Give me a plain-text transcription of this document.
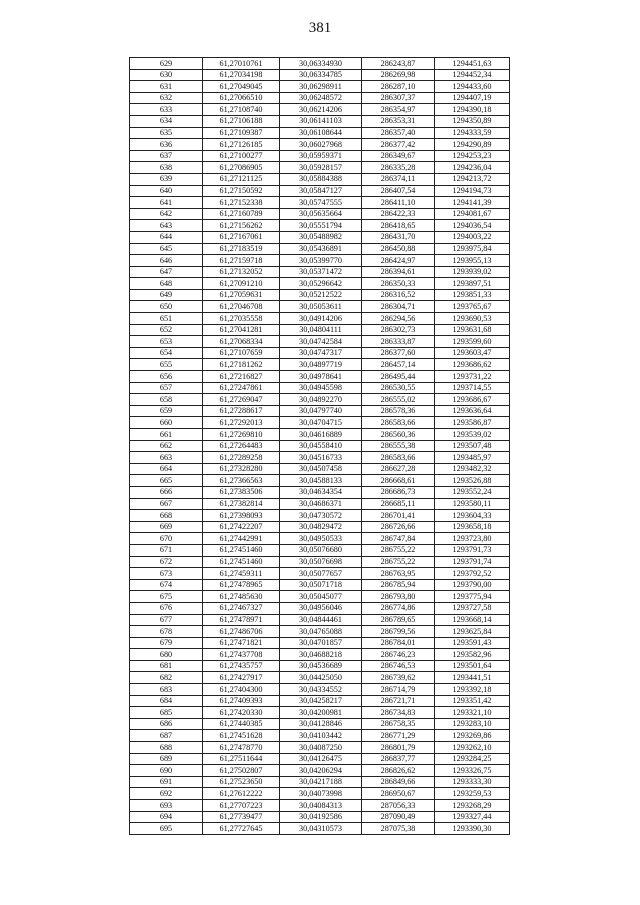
381
629	61,27010761	30,06334930	286243,87	1294451,63
630	61,27034198	30,06334785	286269,98	1294452,34
631	61,27049045	30,06298911	286287,10	1294433,60
632	61,27066510	30,06248572	286307,37	1294407,19
633	61,27108740	30,06214206	286354,97	1294390,18
634	61,27106188	30,06141103	286353,31	1294350,89
635	61,27109387	30,06108644	286357,40	1294333,59
636	61,27126185	30,06027968	286377,42	1294290,89
637	61,27100277	30,05959371	286349,67	1294253,23
638	61,27086905	30,05928157	286335,28	1294236,04
639	61,27121125	30,05884388	286374,11	1294213,72
640	61,27150592	30,05847127	286407,54	1294194,73
641	61,27152338	30,05747555	286411,10	1294141,39
642	61,27160789	30,05635664	286422,33	1294081,67
643	61,27156262	30,05551794	286418,65	1294036,54
644	61,27167061	30,05488982	286431,70	1294003,22
645	61,27183519	30,05436891	286450,88	1293975,84
646	61,27159718	30,05399770	286424,97	1293955,13
647	61,27132052	30,05371472	286394,61	1293939,02
648	61,27091210	30,05296642	286350,33	1293897,51
649	61,27059631	30,05212522	286316,52	1293851,33
650	61,27046708	30,05053611	286304,71	1293765,67
651	61,27035558	30,04914206	286294,56	1293690,53
652	61,27041281	30,04804111	286302,73	1293631,68
653	61,27068334	30,04742584	286333,87	1293599,60
654	61,27107659	30,04747317	286377,60	1293603,47
655	61,27181262	30,04897719	286457,14	1293686,62
656	61,27216827	30,04978641	286495,44	1293731,22
657	61,27247861	30,04945598	286530,55	1293714,55
658	61,27269047	30,04892270	286555,02	1293686,67
659	61,27288617	30,04797740	286578,36	1293636,64
660	61,27292013	30,04704715	286583,66	1293586,87
661	61,27269810	30,04616889	286560,36	1293539,02
662	61,27264483	30,04558410	286555,38	1293507,48
663	61,27289258	30,04516733	286583,66	1293485,97
664	61,27328280	30,04507458	286627,28	1293482,32
665	61,27366563	30,04588133	286668,61	1293526,88
666	61,27383506	30,04634354	286686,73	1293552,24
667	61,27382814	30,04686371	286685,11	1293580,11
668	61,27398093	30,04730572	286701,41	1293604,33
669	61,27422207	30,04829472	286726,66	1293658,18
670	61,27442991	30,04950533	286747,84	1293723,80
671	61,27451460	30,05076680	286755,22	1293791,73
672	61,27451460	30,05076698	286755,22	1293791,74
673	61,27459311	30,05077657	286763,95	1293792,52
674	61,27478965	30,05071718	286785,94	1293790,00
675	61,27485630	30,05045077	286793,80	1293775,94
676	61,27467327	30,04956046	286774,86	1293727,58
677	61,27478971	30,04844461	286789,65	1293668,14
678	61,27486706	30,04765088	286799,56	1293625,84
679	61,27471821	30,04701857	286784,01	1293591,43
680	61,27437708	30,04688218	286746,23	1293582,96
681	61,27435757	30,04536689	286746,53	1293501,64
682	61,27427917	30,04425050	286739,62	1293441,51
683	61,27404300	30,04334552	286714,79	1293392,18
684	61,27409393	30,04258217	286721,71	1293351,42
685	61,27420330	30,04200981	286734,83	1293321,10
686	61,27440385	30,04128846	286758,35	1293283,10
687	61,27451628	30,04103442	286771,29	1293269,86
688	61,27478770	30,04087250	286801,79	1293262,10
689	61,27511644	30,04126475	286837,77	1293284,25
690	61,27502807	30,04206294	286826,62	1293326,75
691	61,27523650	30,04217188	286849,66	1293333,30
692	61,27612222	30,04073998	286950,67	1293259,53
693	61,27707223	30,04084313	287056,33	1293268,29
694	61,27739477	30,04192586	287090,49	1293327,44
695	61,27727645	30,04310573	287075,38	1293390,30
